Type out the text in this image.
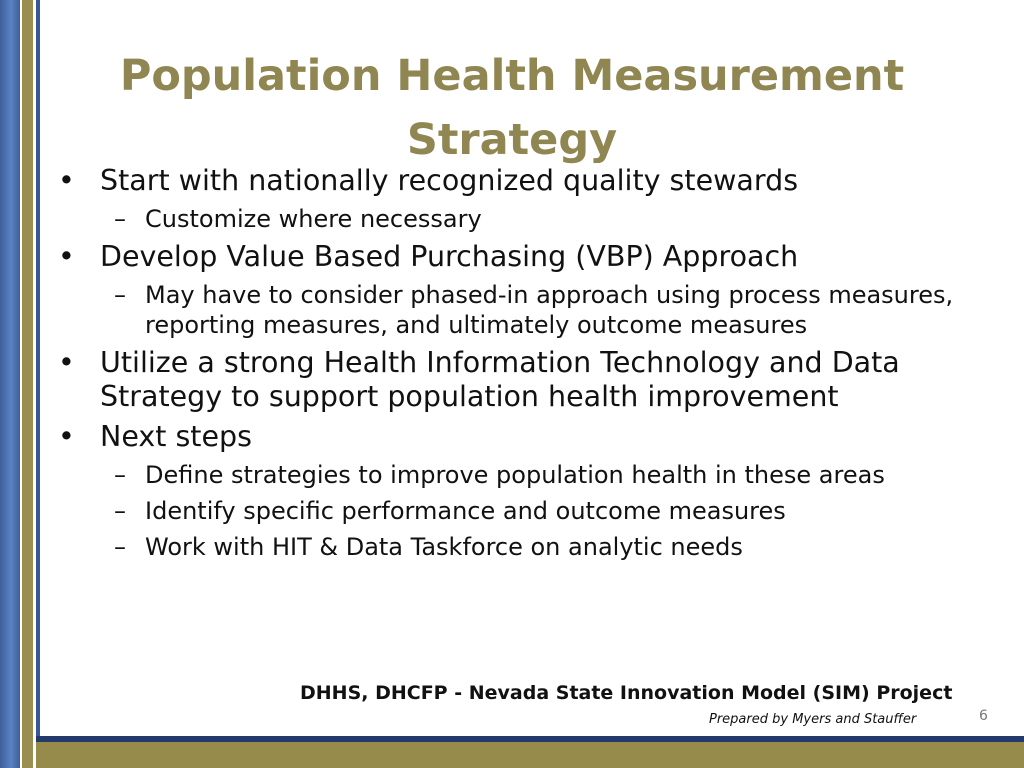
Population Health Measurement Strategy
• Start with nationally recognized quality stewards
– Customize where necessary
• Develop Value Based Purchasing (VBP) Approach
– May have to consider phased-in approach using process measures, reporting measures, and ultimately outcome measures
• Utilize a strong Health Information Technology and Data Strategy to support population health improvement
• Next steps
– Define strategies to improve population health in these areas
– Identify specific performance and outcome measures
– Work with HIT & Data Taskforce on analytic needs
DHHS, DHCFP - Nevada State Innovation Model (SIM) Project
Prepared by Myers and Stauffer	6
